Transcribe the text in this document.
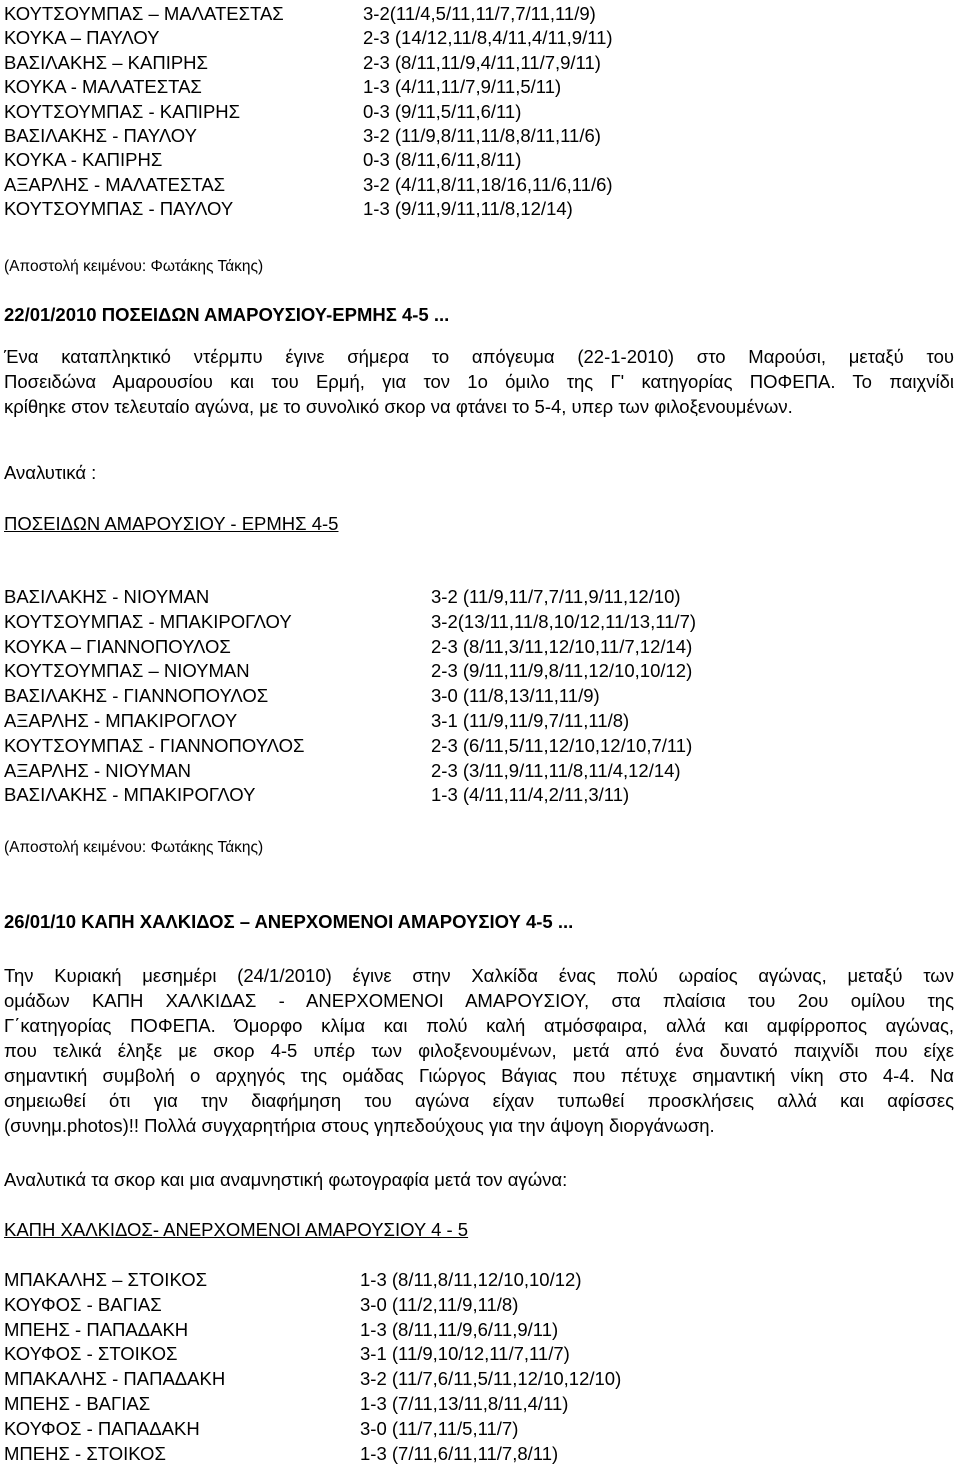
ΚΟΥΤΣΟΥΜΠΑΣ – ΜΑΛΑΤΕΣΤΑΣ	3-2(11/4,5/11,11/7,7/11,11/9)
ΚΟΥΚΑ – ΠΑΥΛΟΥ	2-3 (14/12,11/8,4/11,4/11,9/11)
ΒΑΣΙΛΑΚΗΣ – ΚΑΠΙΡΗΣ	2-3 (8/11,11/9,4/11,11/7,9/11)
ΚΟΥΚΑ - ΜΑΛΑΤΕΣΤΑΣ	1-3 (4/11,11/7,9/11,5/11)
ΚΟΥΤΣΟΥΜΠΑΣ - ΚΑΠΙΡΗΣ	0-3 (9/11,5/11,6/11)
ΒΑΣΙΛΑΚΗΣ - ΠΑΥΛΟΥ	3-2 (11/9,8/11,11/8,8/11,11/6)
ΚΟΥΚΑ - ΚΑΠΙΡΗΣ	0-3 (8/11,6/11,8/11)
ΑΞΑΡΛΗΣ - ΜΑΛΑΤΕΣΤΑΣ	3-2 (4/11,8/11,18/16,11/6,11/6)
ΚΟΥΤΣΟΥΜΠΑΣ - ΠΑΥΛΟΥ	1-3 (9/11,9/11,11/8,12/14)
(Αποστολή κειμένου: Φωτάκης Τάκης)
22/01/2010 ΠΟΣΕΙΔΩΝ ΑΜΑΡΟΥΣΙΟΥ-ΕΡΜΗΣ 4-5 ...
Ένα καταπληκτικό ντέρμπυ έγινε σήμερα το απόγευμα (22-1-2010) στο Μαρούσι, μεταξύ του
Ποσειδώνα Αμαρουσίου και του Ερμή, για τον 1ο όμιλο της Γ' κατηγορίας ΠΟΦΕΠΑ. Το παιχνίδι
κρίθηκε στον τελευταίο αγώνα, με το συνολικό σκορ να φτάνει το 5-4, υπερ των φιλοξενουμένων.
Αναλυτικά :
ΠΟΣΕΙΔΩΝ ΑΜΑΡΟΥΣΙΟΥ - ΕΡΜΗΣ 4-5
ΒΑΣΙΛΑΚΗΣ - ΝΙΟΥΜΑΝ	3-2 (11/9,11/7,7/11,9/11,12/10)
ΚΟΥΤΣΟΥΜΠΑΣ - ΜΠΑΚΙΡΟΓΛΟΥ	3-2(13/11,11/8,10/12,11/13,11/7)
ΚΟΥΚΑ – ΓΙΑΝΝΟΠΟΥΛΟΣ	2-3 (8/11,3/11,12/10,11/7,12/14)
ΚΟΥΤΣΟΥΜΠΑΣ – ΝΙΟΥΜΑΝ	2-3 (9/11,11/9,8/11,12/10,10/12)
ΒΑΣΙΛΑΚΗΣ - ΓΙΑΝΝΟΠΟΥΛΟΣ	3-0 (11/8,13/11,11/9)
ΑΞΑΡΛΗΣ - ΜΠΑΚΙΡΟΓΛΟΥ	3-1 (11/9,11/9,7/11,11/8)
ΚΟΥΤΣΟΥΜΠΑΣ - ΓΙΑΝΝΟΠΟΥΛΟΣ	2-3 (6/11,5/11,12/10,12/10,7/11)
ΑΞΑΡΛΗΣ - ΝΙΟΥΜΑΝ	2-3 (3/11,9/11,11/8,11/4,12/14)
ΒΑΣΙΛΑΚΗΣ - ΜΠΑΚΙΡΟΓΛΟΥ	1-3 (4/11,11/4,2/11,3/11)
(Αποστολή κειμένου: Φωτάκης Τάκης)
26/01/10 ΚΑΠΗ ΧΑΛΚΙΔΟΣ – ΑΝΕΡΧΟΜΕΝΟΙ ΑΜΑΡΟΥΣΙΟΥ 4-5 ...
Την Κυριακή μεσημέρι (24/1/2010) έγινε στην Χαλκίδα ένας πολύ ωραίος αγώνας, μεταξύ των
ομάδων ΚΑΠΗ ΧΑΛΚΙΔΑΣ - ΑΝΕΡΧΟΜΕΝΟΙ ΑΜΑΡΟΥΣΙΟΥ, στα πλαίσια του 2ου ομίλου της
Γ΄κατηγορίας ΠΟΦΕΠΑ. Όμορφο κλίμα και πολύ καλή ατμόσφαιρα, αλλά και αμφίρροπος αγώνας,
που τελικά έληξε με σκορ 4-5 υπέρ των φιλοξενουμένων, μετά από ένα δυνατό παιχνίδι που είχε
σημαντική συμβολή ο αρχηγός της ομάδας Γιώργος Βάγιας που πέτυχε σημαντική νίκη στο 4-4. Να
σημειωθεί ότι για την διαφήμηση του αγώνα είχαν τυπωθεί προσκλήσεις αλλά και αφίσσες
(συνημ.photos)!! Πολλά συγχαρητήρια στους γηπεδούχους για την άψογη διοργάνωση.
Αναλυτικά τα σκορ και μια αναμνηστική φωτογραφία μετά τον αγώνα:
ΚΑΠΗ ΧΑΛΚΙΔΟΣ- ΑΝΕΡΧΟΜΕΝΟΙ ΑΜΑΡΟΥΣΙΟΥ 4 - 5
ΜΠΑΚΑΛΗΣ – ΣΤΟΙΚΟΣ	1-3 (8/11,8/11,12/10,10/12)
ΚΟΥΦΟΣ - ΒΑΓΙΑΣ	3-0 (11/2,11/9,11/8)
ΜΠΕΗΣ - ΠΑΠΑΔΑΚΗ	1-3 (8/11,11/9,6/11,9/11)
ΚΟΥΦΟΣ - ΣΤΟΙΚΟΣ	3-1 (11/9,10/12,11/7,11/7)
ΜΠΑΚΑΛΗΣ - ΠΑΠΑΔΑΚΗ	3-2 (11/7,6/11,5/11,12/10,12/10)
ΜΠΕΗΣ - ΒΑΓΙΑΣ	1-3 (7/11,13/11,8/11,4/11)
ΚΟΥΦΟΣ - ΠΑΠΑΔΑΚΗ	3-0 (11/7,11/5,11/7)
ΜΠΕΗΣ - ΣΤΟΙΚΟΣ	1-3 (7/11,6/11,11/7,8/11)
